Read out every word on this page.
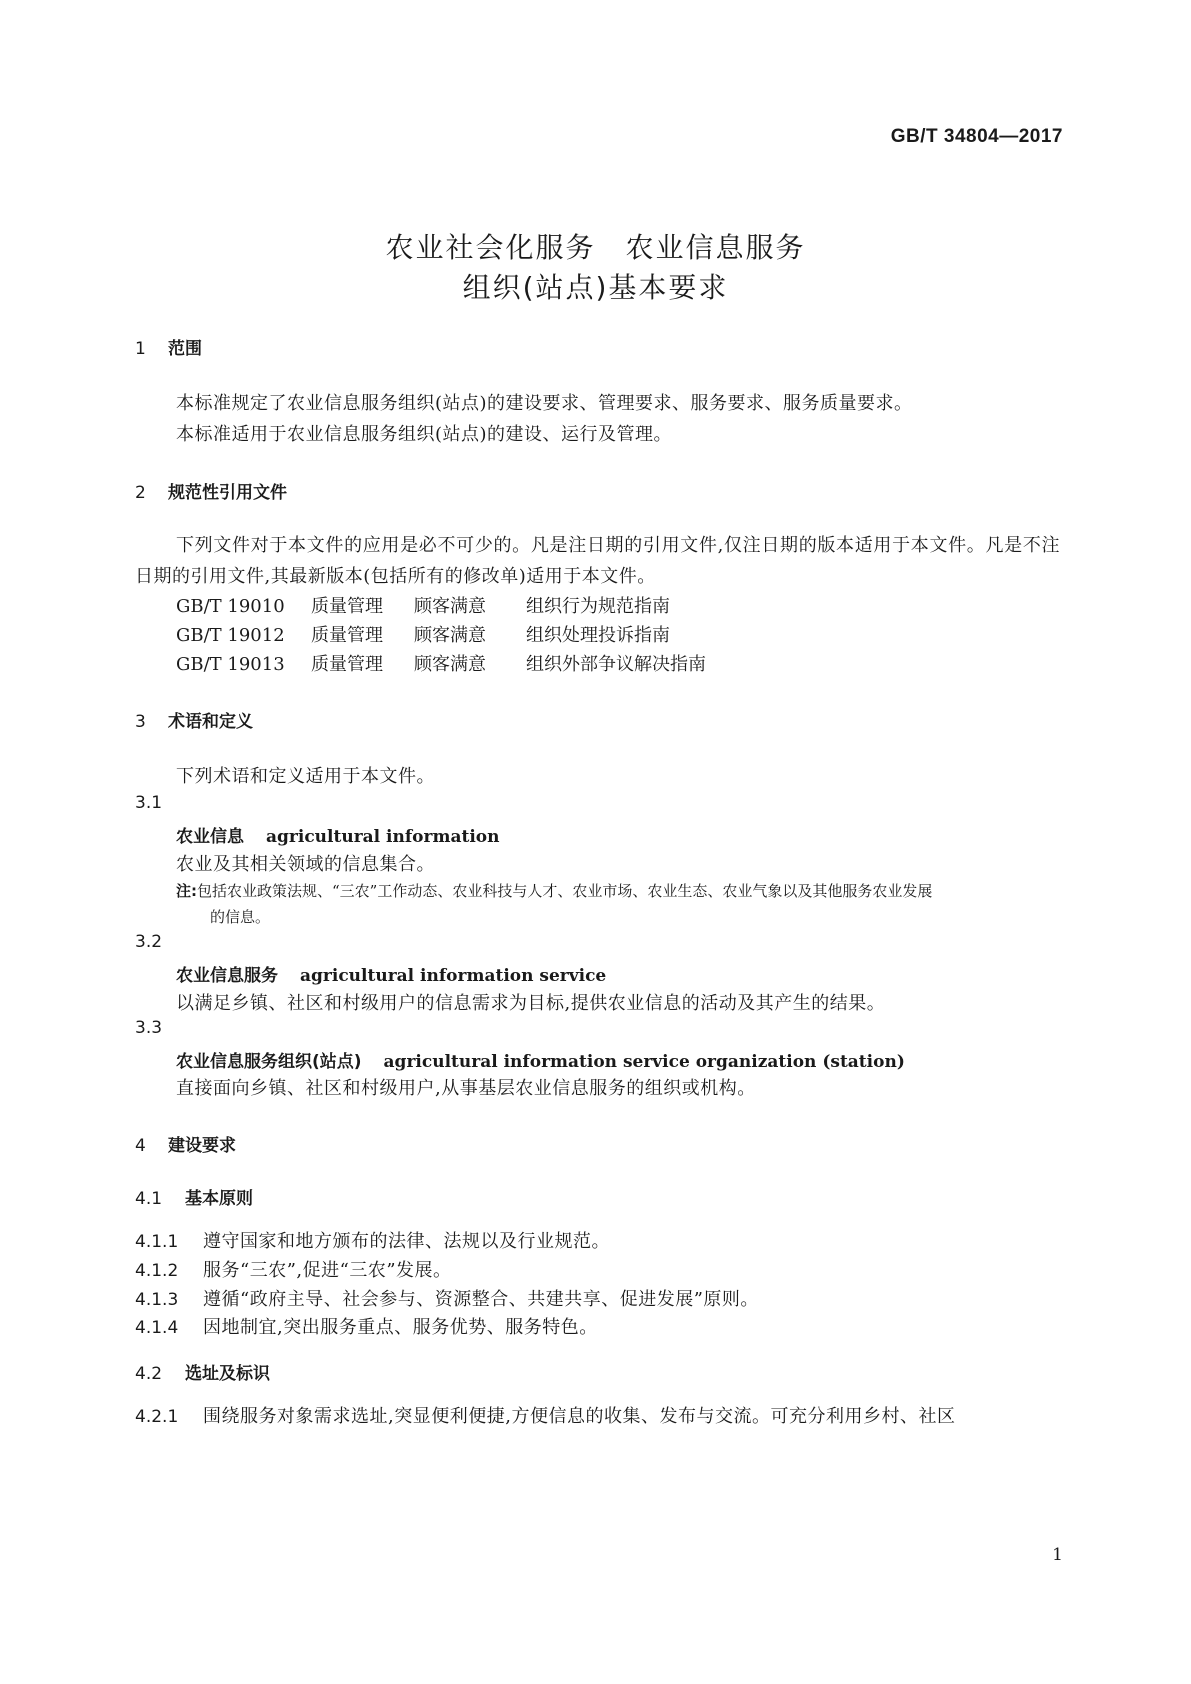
GB/T 34804—2017
农业社会化服务　农业信息服务
组织(站点)基本要求
1 范围
本标准规定了农业信息服务组织(站点)的建设要求、管理要求、服务要求、服务质量要求。
本标准适用于农业信息服务组织(站点)的建设、运行及管理。
2 规范性引用文件
下列文件对于本文件的应用是必不可少的。凡是注日期的引用文件,仅注日期的版本适用于本文件。凡是不注日期的引用文件,其最新版本(包括所有的修改单)适用于本文件。
GB/T 19010 质量管理 顾客满意 组织行为规范指南
GB/T 19012 质量管理 顾客满意 组织处理投诉指南
GB/T 19013 质量管理 顾客满意 组织外部争议解决指南
3 术语和定义
下列术语和定义适用于本文件。
3.1
农业信息 agricultural information
农业及其相关领域的信息集合。
注:包括农业政策法规、“三农”工作动态、农业科技与人才、农业市场、农业生态、农业气象以及其他服务农业发展
的信息。
3.2
农业信息服务 agricultural information service
以满足乡镇、社区和村级用户的信息需求为目标,提供农业信息的活动及其产生的结果。
3.3
农业信息服务组织(站点) agricultural information service organization (station)
直接面向乡镇、社区和村级用户,从事基层农业信息服务的组织或机构。
4 建设要求
4.1 基本原则
4.1.1 遵守国家和地方颁布的法律、法规以及行业规范。
4.1.2 服务“三农”,促进“三农”发展。
4.1.3 遵循“政府主导、社会参与、资源整合、共建共享、促进发展”原则。
4.1.4 因地制宜,突出服务重点、服务优势、服务特色。
4.2 选址及标识
4.2.1 围绕服务对象需求选址,突显便利便捷,方便信息的收集、发布与交流。可充分利用乡村、社区
1
